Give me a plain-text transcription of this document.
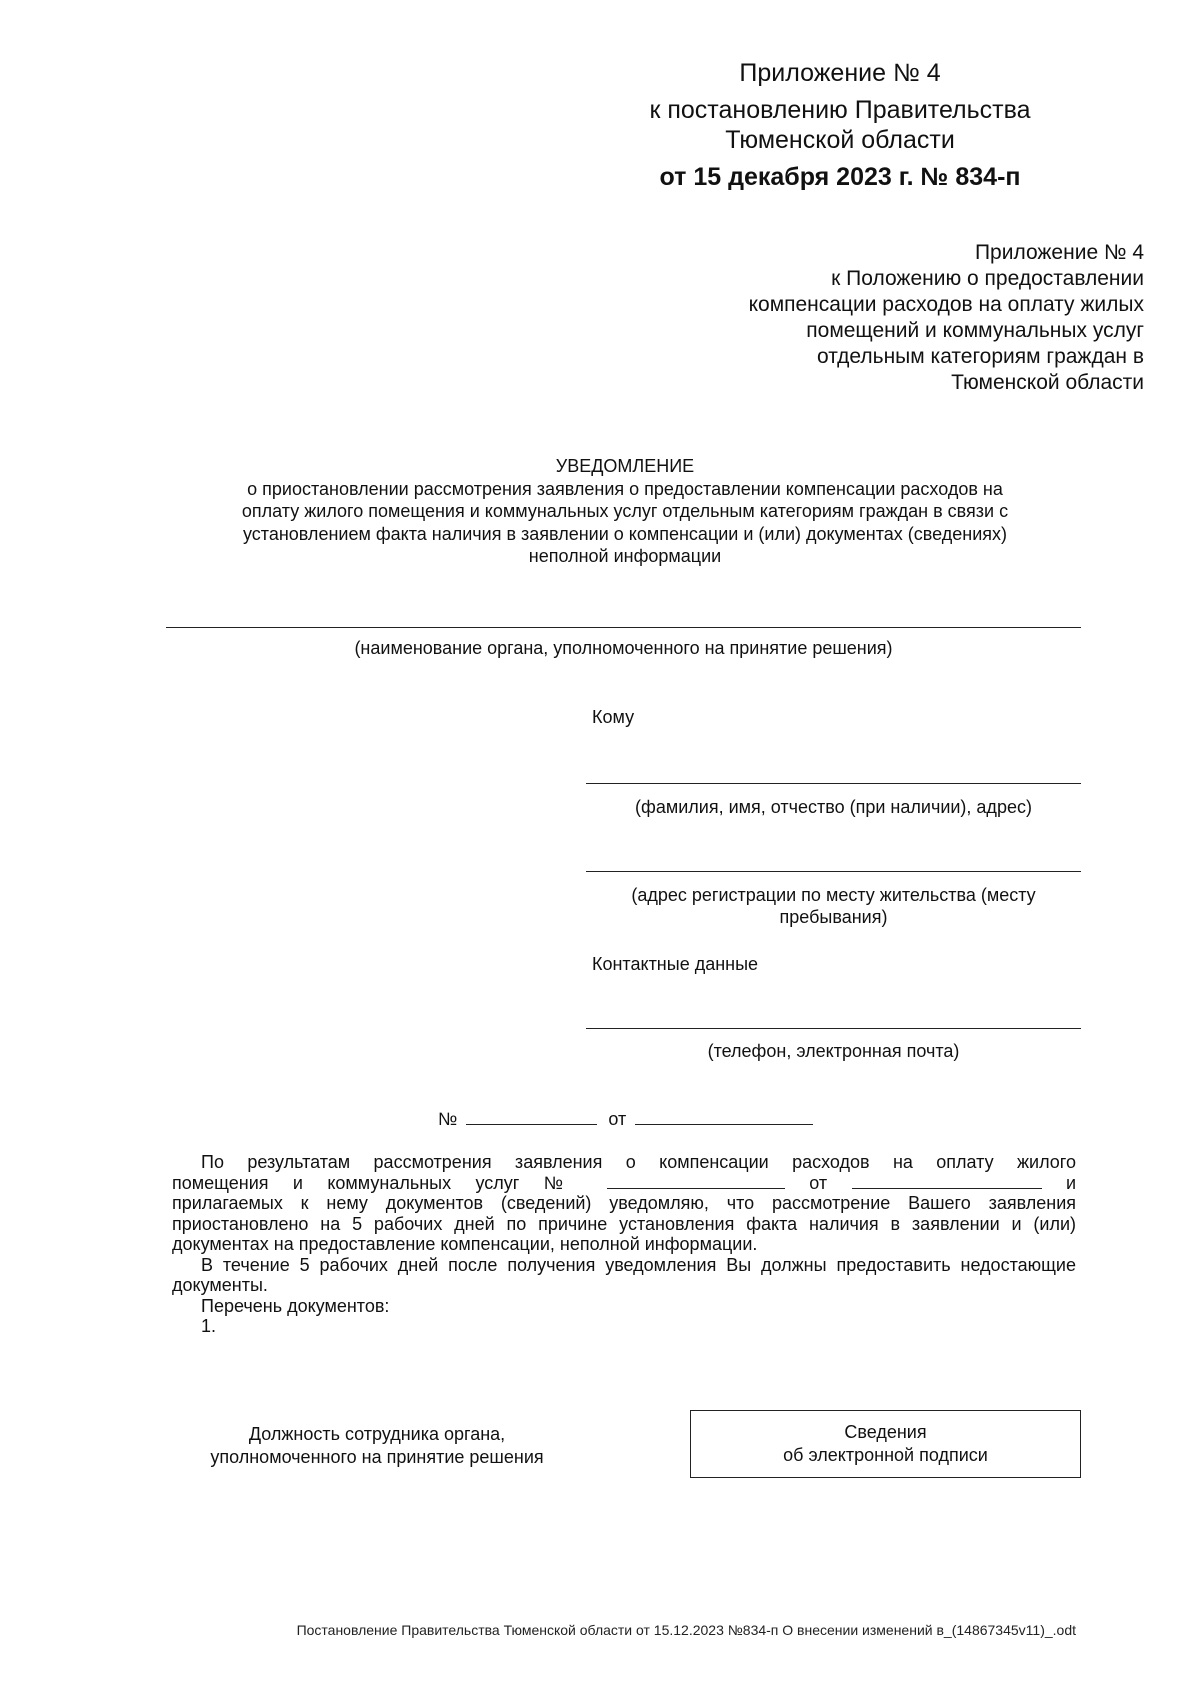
Приложение № 4
к постановлению Правительства
Тюменской области
от 15 декабря 2023 г. № 834-п
Приложение № 4
к Положению о предоставлении
компенсации расходов на оплату жилых
помещений и коммунальных услуг
отдельным категориям граждан в
Тюменской области
УВЕДОМЛЕНИЕ
о приостановлении рассмотрения заявления о предоставлении компенсации расходов на
оплату жилого помещения и коммунальных услуг отдельным категориям граждан в связи с
установлением факта наличия в заявлении о компенсации и (или) документах (сведениях)
неполной информации
(наименование органа, уполномоченного на принятие решения)
Кому
(фамилия, имя, отчество (при наличии), адрес)
(адрес регистрации по месту жительства (месту
пребывания)
Контактные данные
(телефон, электронная почта)
№	от

По результатам рассмотрения заявления о компенсации расходов на оплату жилого

помещения и коммунальных услуг №	от	и
прилагаемых к нему документов (сведений) уведомляю, что рассмотрение Вашего заявления приостановлено на 5 рабочих дней по причине установления факта наличия в заявлении и (или) документах на предоставление компенсации, неполной информации.

В течение 5 рабочих дней после получения уведомления Вы должны предоставить недостающие документы.

Перечень документов:

1.

Должность сотрудника органа,
уполномоченного на принятие решения
Сведения
об электронной подписи
Постановление Правительства Тюменской области от 15.12.2023 №834-п О внесении изменений в_(14867345v11)_.odt
